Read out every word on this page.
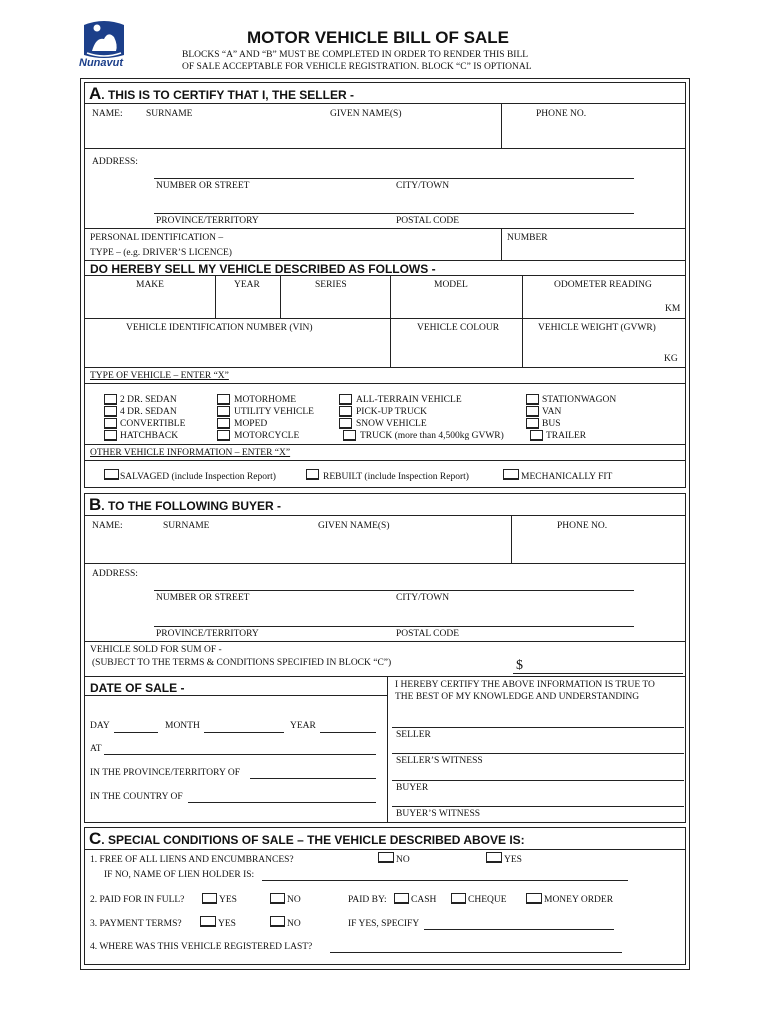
Nunavut
MOTOR VEHICLE BILL OF SALE
BLOCKS “A” AND “B” MUST BE COMPLETED IN ORDER TO RENDER THIS BILL
OF SALE ACCEPTABLE FOR VEHICLE REGISTRATION. BLOCK “C” IS OPTIONAL
A. THIS IS TO CERTIFY THAT I, THE SELLER -
NAME: SURNAME	GIVEN NAME(S)	PHONE NO.
ADDRESS:
NUMBER OR STREET	CITY/TOWN
PROVINCE/TERRITORY	POSTAL CODE
PERSONAL IDENTIFICATION –
TYPE – (e.g. DRIVER’S LICENCE)
NUMBER
DO HEREBY SELL MY VEHICLE DESCRIBED AS FOLLOWS -
MAKE	YEAR	SERIES	MODEL	ODOMETER READING
KM
VEHICLE IDENTIFICATION NUMBER (VIN)	VEHICLE COLOUR	VEHICLE WEIGHT (GVWR)
KG
TYPE OF VEHICLE – ENTER “X”
2 DR. SEDAN
4 DR. SEDAN
CONVERTIBLE
HATCHBACK
MOTORHOME
UTILITY VEHICLE
MOPED
MOTORCYCLE
ALL-TERRAIN VEHICLE
PICK-UP TRUCK
SNOW VEHICLE
TRUCK (more than 4,500kg GVWR)
STATIONWAGON
VAN
BUS
TRAILER
OTHER VEHICLE INFORMATION – ENTER “X”
SALVAGED (include Inspection Report)	REBUILT (include Inspection Report)	MECHANICALLY FIT
B. TO THE FOLLOWING BUYER -
NAME:	SURNAME	GIVEN NAME(S)	PHONE NO.
ADDRESS:
NUMBER OR STREET	CITY/TOWN
PROVINCE/TERRITORY	POSTAL CODE
VEHICLE SOLD FOR SUM OF -
(SUBJECT TO THE TERMS & CONDITIONS SPECIFIED IN BLOCK “C”)	$
DATE OF SALE -
DAY	MONTH	YEAR
AT
IN THE PROVINCE/TERRITORY OF
IN THE COUNTRY OF
I HEREBY CERTIFY THE ABOVE INFORMATION IS TRUE TO
THE BEST OF MY KNOWLEDGE AND UNDERSTANDING
SELLER
SELLER’S WITNESS
BUYER
BUYER’S WITNESS
C. SPECIAL CONDITIONS OF SALE – THE VEHICLE DESCRIBED ABOVE IS:
1. FREE OF ALL LIENS AND ENCUMBRANCES?	NO	YES
IF NO, NAME OF LIEN HOLDER IS:
2. PAID FOR IN FULL?	YES	NO	PAID BY:	CASH	CHEQUE	MONEY ORDER
3. PAYMENT TERMS?	YES	NO	IF YES, SPECIFY
4. WHERE WAS THIS VEHICLE REGISTERED LAST?
